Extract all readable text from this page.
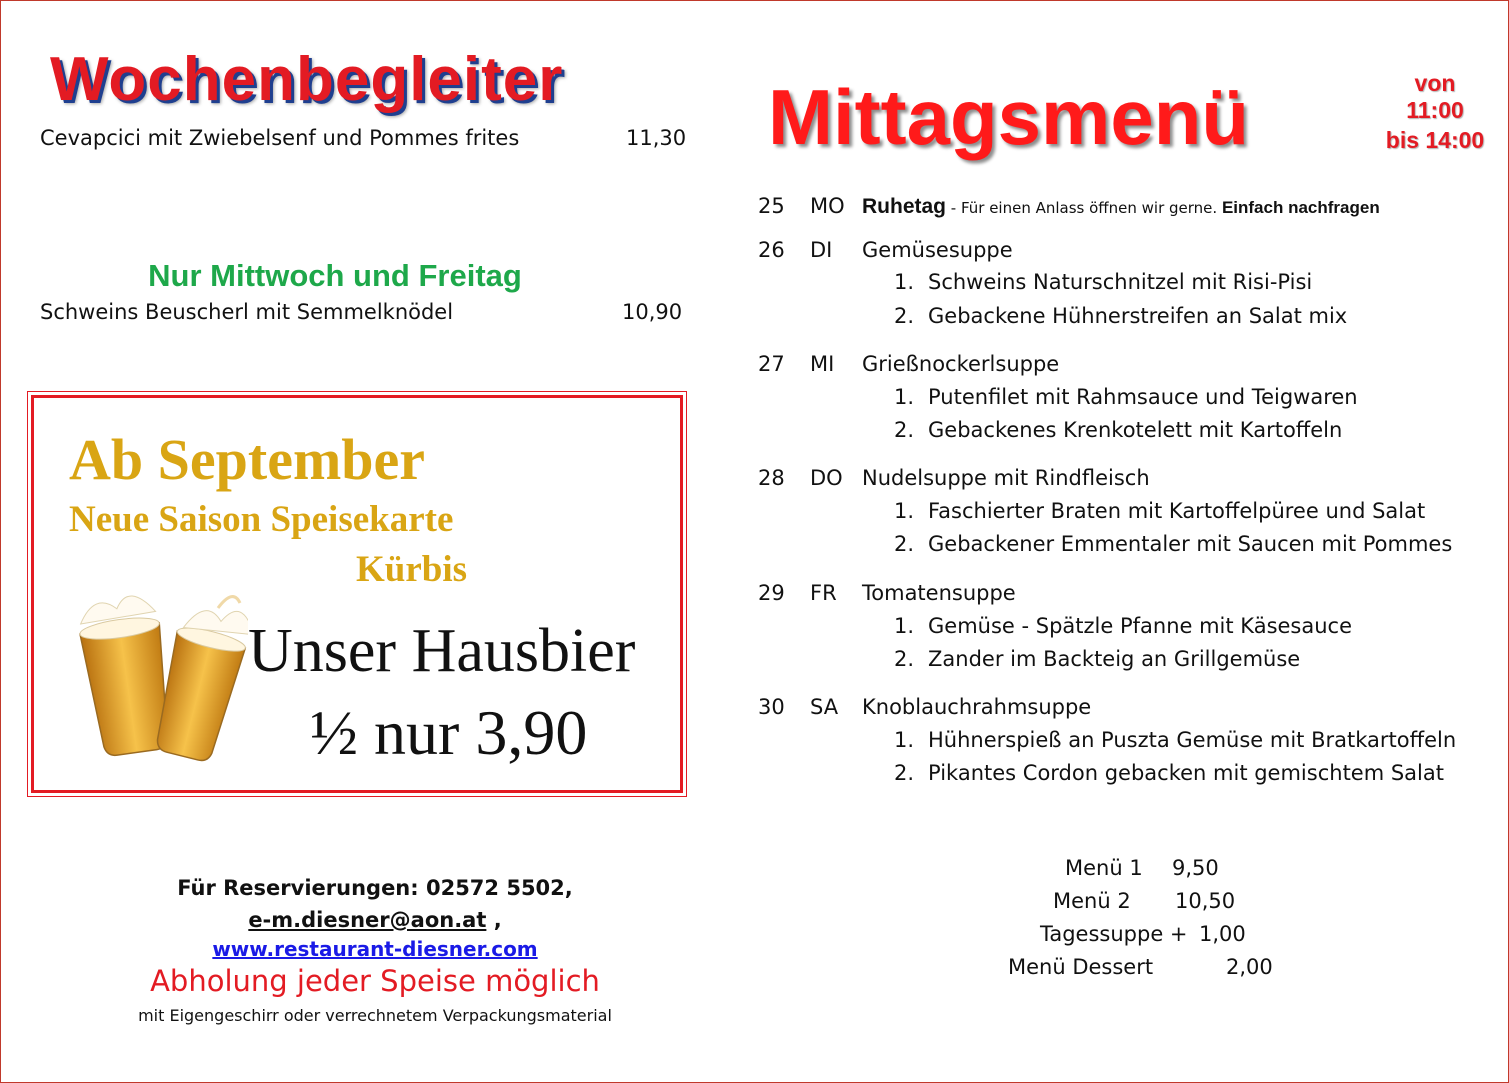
Wochenbegleiter
Cevapcici mit Zwiebelsenf und Pommes frites	11,30
Nur Mittwoch und Freitag
Schweins Beuscherl mit Semmelknödel	10,90
Ab September
Neue Saison Speisekarte
Kürbis
Unser Hausbier
½ nur 3,90
Für Reservierungen: 02572 5502,
e-m.diesner@aon.at ,
www.restaurant-diesner.com
Abholung jeder Speise möglich
mit Eigengeschirr oder verrechnetem Verpackungsmaterial
Mittagsmenü	von
11:00
bis 14:00
25 MO Ruhetag - Für einen Anlass öffnen wir gerne. Einfach nachfragen
26 DI Gemüsesuppe
1. Schweins Naturschnitzel mit Risi-Pisi
2. Gebackene Hühnerstreifen an Salat mix
27 MI Grießnockerlsuppe
1. Putenfilet mit Rahmsauce und Teigwaren
2. Gebackenes Krenkotelett mit Kartoffeln
28 DO Nudelsuppe mit Rindfleisch
1. Faschierter Braten mit Kartoffelpüree und Salat
2. Gebackener Emmentaler mit Saucen mit Pommes
29 FR Tomatensuppe
1. Gemüse - Spätzle Pfanne mit Käsesauce
2. Zander im Backteig an Grillgemüse
30 SA Knoblauchrahmsuppe
1. Hühnerspieß an Puszta Gemüse mit Bratkartoffeln
2. Pikantes Cordon gebacken mit gemischtem Salat
Menü 1 9,50
Menü 2 10,50
Tagessuppe + 1,00
Menü Dessert	2,00
